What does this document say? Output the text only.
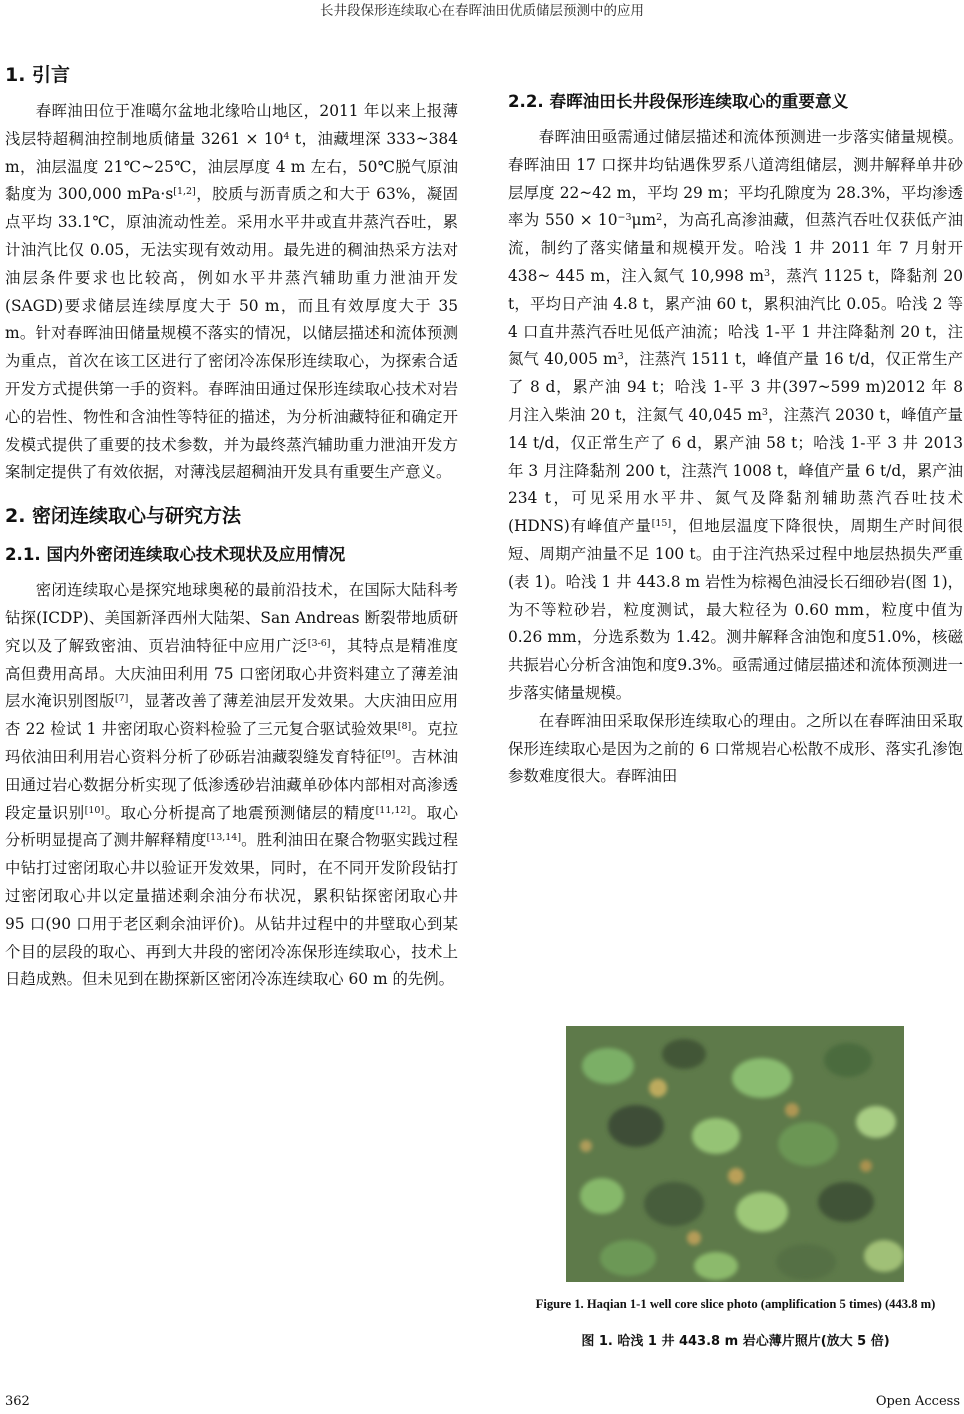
长井段保形连续取心在春晖油田优质储层预测中的应用
1. 引言

春晖油田位于准噶尔盆地北缘哈山地区，2011 年以来上报薄浅层特超稠油控制地质储量 $3261 \times 10^4$ t，油藏埋深 333~384 m，油层温度 21℃~25℃，油层厚度 4 m 左右，50℃脱气原油黏度为 300,000 mPa·s[1,2]，胶质与沥青质之和大于 63%，凝固点平均 33.1℃，原油流动性差。采用水平井或直井蒸汽吞吐，累计油汽比仅 0.05，无法实现有效动用。最先进的稠油热采方法对油层条件要求也比较高，例如水平井蒸汽辅助重力泄油开发(SAGD)要求储层连续厚度大于 50 m，而且有效厚度大于 35 m。针对春晖油田储量规模不落实的情况，以储层描述和流体预测为重点，首次在该工区进行了密闭冷冻保形连续取心，为探索合适开发方式提供第一手的资料。春晖油田通过保形连续取心技术对岩心的岩性、物性和含油性等特征的描述，为分析油藏特征和确定开发模式提供了重要的技术参数，并为最终蒸汽辅助重力泄油开发方案制定提供了有效依据，对薄浅层超稠油开发具有重要生产意义。

2. 密闭连续取心与研究方法
2.1. 国内外密闭连续取心技术现状及应用情况

密闭连续取心是探究地球奥秘的最前沿技术，在国际大陆科考钻探(ICDP)、美国新泽西州大陆架、San Andreas 断裂带地质研究以及了解致密油、页岩油特征中应用广泛[3-6]，其特点是精准度高但费用高昂。大庆油田利用 75 口密闭取心井资料建立了薄差油层水淹识别图版[7]，显著改善了薄差油层开发效果。大庆油田应用杏 22 检试 1 井密闭取心资料检验了三元复合驱试验效果[8]。克拉玛依油田利用岩心资料分析了砂砾岩油藏裂缝发育特征[9]。吉林油田通过岩心数据分析实现了低渗透砂岩油藏单砂体内部相对高渗透段定量识别[10]。取心分析提高了地震预测储层的精度[11,12]。取心分析明显提高了测井解释精度[13,14]。胜利油田在聚合物驱实践过程中钻打过密闭取心井以验证开发效果，同时，在不同开发阶段钻打过密闭取心井以定量描述剩余油分布状况，累积钻探密闭取心井 95 口(90 口用于老区剩余油评价)。从钻井过程中的井壁取心到某个目的层段的取心、再到大井段的密闭冷冻保形连续取心，技术上日趋成熟。但未见到在勘探新区密闭冷冻连续取心 60 m 的先例。

2.2. 春晖油田长井段保形连续取心的重要意义

春晖油田亟需通过储层描述和流体预测进一步落实储量规模。春晖油田 17 口探井均钻遇侏罗系八道湾组储层，测井解释单井砂层厚度 22~42 m，平均 29 m；平均孔隙度为 28.3%，平均渗透率为 $550 \times 10^{-3}\mu m^2$，为高孔高渗油藏，但蒸汽吞吐仅获低产油流，制约了落实储量和规模开发。哈浅 1 井 2011 年 7 月射开 438~ 445 m，注入氮气 10,998 $m^3$，蒸汽 1125 t，降黏剂 20 t，平均日产油 4.8 t，累产油 60 t，累积油汽比 0.05。哈浅 2 等 4 口直井蒸汽吞吐见低产油流；哈浅 1-平 1 井注降黏剂 20 t，注氮气 40,005 $m^3$，注蒸汽 1511 t，峰值产量 16 t/d，仅正常生产了 8 d，累产油 94 t；哈浅 1-平 3 井(397~599 m)2012 年 8 月注入柴油 20 t，注氮气 40,045 $m^3$，注蒸汽 2030 t，峰值产量 14 t/d，仅正常生产了 6 d，累产油 58 t；哈浅 1-平 3 井 2013 年 3 月注降黏剂 200 t，注蒸汽 1008 t，峰值产量 6 t/d，累产油 234 t，可见采用水平井、氮气及降黏剂辅助蒸汽吞吐技术(HDNS)有峰值产量[15]，但地层温度下降很快，周期生产时间很短、周期产油量不足 100 t。由于注汽热采过程中地层热损失严重(表 1)。哈浅 1 井 443.8 m 岩性为棕褐色油浸长石细砂岩(图 1)，为不等粒砂岩，粒度测试，最大粒径为 0.60 mm，粒度中值为 0.26 mm，分选系数为 1.42。测井解释含油饱和度51.0%，核磁共振岩心分析含油饱和度9.3%。亟需通过储层描述和流体预测进一步落实储量规模。

在春晖油田采取保形连续取心的理由。之所以在春晖油田采取保形连续取心是因为之前的 6 口常规岩心松散不成形、落实孔渗饱参数难度很大。春晖油田

Figure 1. Haqian 1-1 well core slice photo (amplification 5 times) (443.8 m)
图 1. 哈浅 1 井 443.8 m 岩心薄片照片(放大 5 倍)
362	Open Access
